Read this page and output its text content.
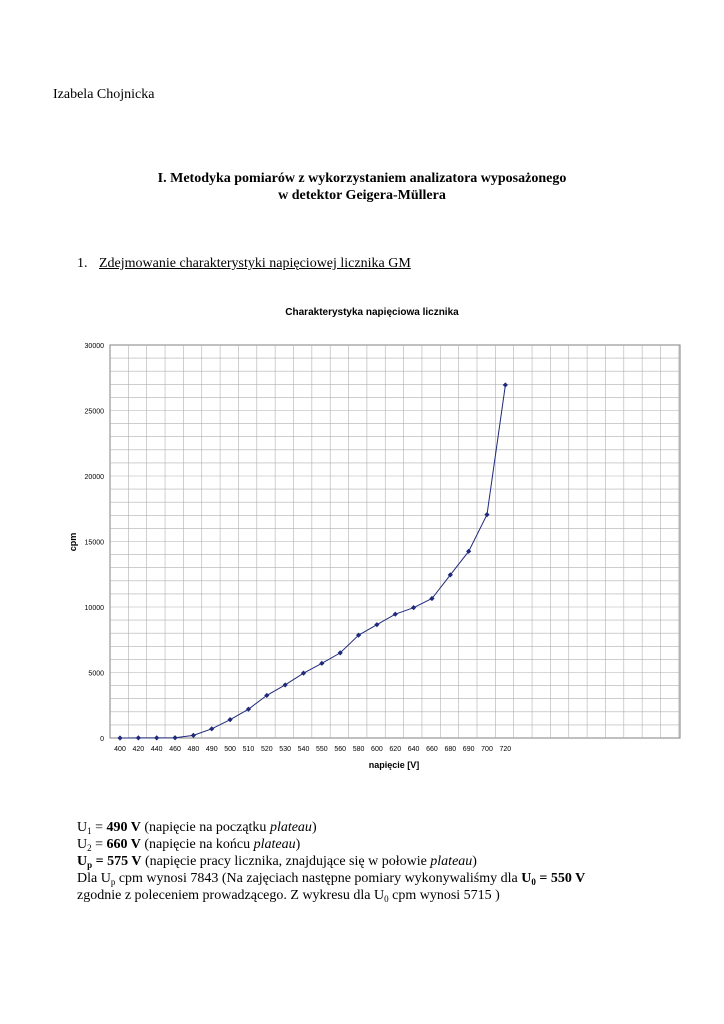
Izabela Chojnicka
I. Metodyka pomiarów z wykorzystaniem analizatora wyposażonego
w detektor Geigera-Müllera
1. Zdejmowanie charakterystyki napięciowej licznika GM
Charakterystyka napięciowa licznika
0
5000
10000
15000
20000
25000
30000
400 420 440 460 480 490 500 510 520 530 540 550 560 580 600 620 640 660 680 690 700 720
cpm
napięcie [V]
$U_1 = 490$ V (napięcie na początku plateau)
$U_2 = 660$ V (napięcie na końcu plateau)
$U_p = 575$ V (napięcie pracy licznika, znajdujące się w połowie plateau)
Dla $U_p$ cpm wynosi 7843 (Na zajęciach następne pomiary wykonywaliśmy dla $U_0 = 550$ V
zgodnie z poleceniem prowadzącego. Z wykresu dla $U_0$ cpm wynosi 5715 )
